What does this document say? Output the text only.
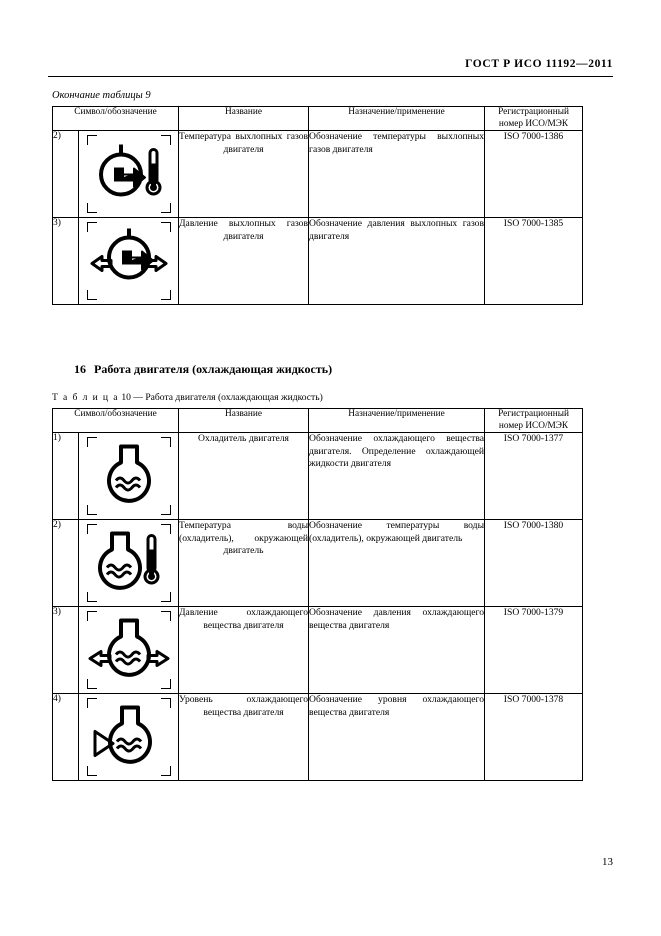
ГОСТ Р ИСО 11192—2011
Окончание таблицы 9
Символ/обозначение		Название	Назначение/применение	Регистрационный
номер ИСО/МЭК
2)		Температура выхлопных газов двигателя	Обозначение температуры выхлопных газов двигателя	ISO 7000-1386
3)		Давление выхлопных газов двигателя	Обозначение давления выхлопных газов двигателя	ISO 7000-1385
16 Работа двигателя (охлаждающая жидкость)
Т а б л и ц а 10 — Работа двигателя (охлаждающая жидкость)
Символ/обозначение		Название	Назначение/применение	Регистрационный
номер ИСО/МЭК
1)		Охладитель двигателя	Обозначение охлаждающего вещества двигателя. Определение охлаждающей жидкости двигателя	ISO 7000-1377
2)		Температура воды (охладитель), окружающей двигатель	Обозначение температуры воды (охладитель), окружающей двигатель	ISO 7000-1380
3)		Давление охлаждающего вещества двигателя	Обозначение давления охлаждающего вещества двигателя	ISO 7000-1379
4)		Уровень охлаждающего вещества двигателя	Обозначение уровня охлаждающего вещества двигателя	ISO 7000-1378
13
